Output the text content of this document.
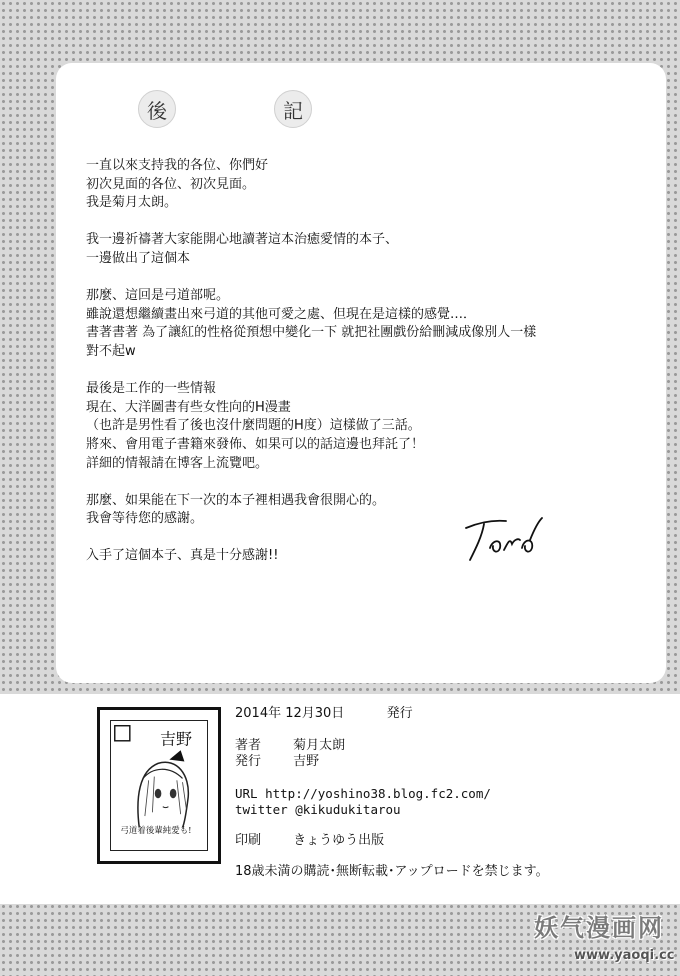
後	記

一直以來支持我的各位、你們好

初次見面的各位、初次見面。

我是菊月太朗。

我一邊祈禱著大家能開心地讀著這本治癒愛情的本子、

一邊做出了這個本

那麼、這回是弓道部呢。

雖說還想繼續畫出來弓道的其他可愛之處、但現在是這樣的感覺…．

書著書著 為了讓紅的性格從預想中變化一下 就把社團戲份給刪減成像別人一樣

對不起w

最後是工作的一些情報

現在、大洋圖書有些女性向的H漫畫

（也許是男性看了後也沒什麼問題的H度）這樣做了三話。

將來、會用電子書籍來發佈、如果可以的話這邊也拜託了！

詳細的情報請在博客上流覽吧。

那麼、如果能在下一次的本子裡相遇我會很開心的。

我會等待您的感謝。

入手了這個本子、真是十分感謝!!

吉野
弓道着後輩純愛も!
2014年 12月30日	発行
著者 菊月太朗
発行 吉野
URL http://yoshino38.blog.fc2.com/
twitter @kikudukitarou
印刷 きょうゆう出版
18歳未満の購読･無断転載･アップロードを禁じます。
妖气漫画网
www.yaoqi.cc
